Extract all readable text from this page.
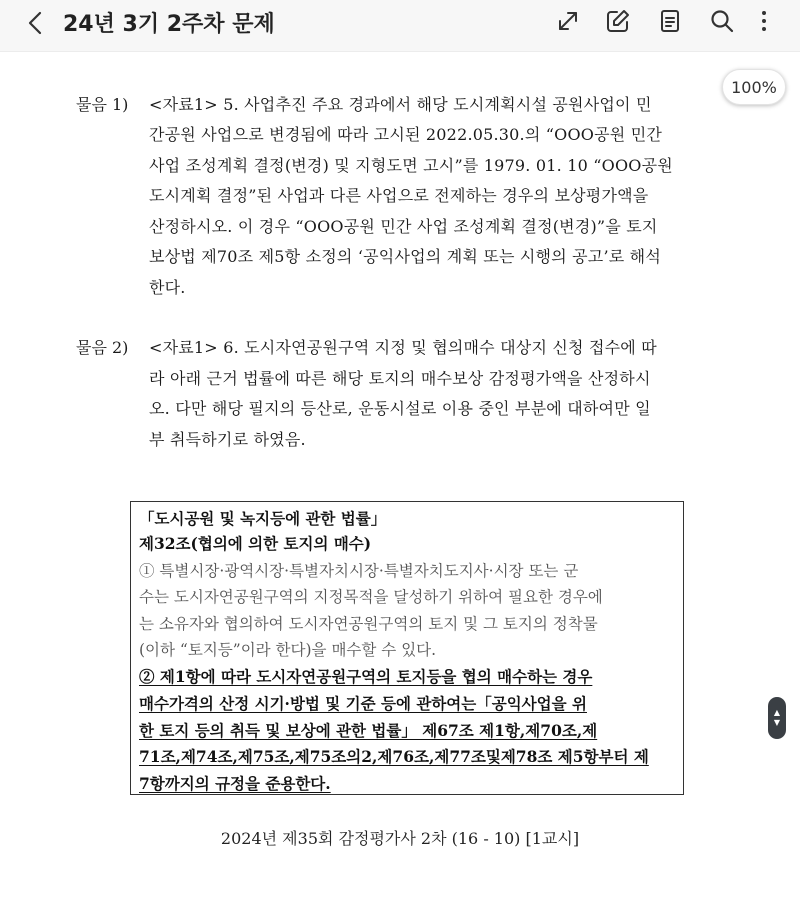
24년 3기 2주차 문제
100%
물음 1) <자료1> 5. 사업추진 주요 경과에서 해당 도시계획시설 공원사업이 민
간공원 사업으로 변경됨에 따라 고시된 2022.05.30.의 “OOO공원 민간
사업 조성계획 결정(변경) 및 지형도면 고시”를 1979. 01. 10 “OOO공원
도시계획 결정”된 사업과 다른 사업으로 전제하는 경우의 보상평가액을
산정하시오. 이 경우 “OOO공원 민간 사업 조성계획 결정(변경)”을 토지
보상법 제70조 제5항 소정의 ‘공익사업의 계획 또는 시행의 공고’로 해석
한다.
물음 2) <자료1> 6. 도시자연공원구역 지정 및 협의매수 대상지 신청 접수에 따
라 아래 근거 법률에 따른 해당 토지의 매수보상 감정평가액을 산정하시
오. 다만 해당 필지의 등산로, 운동시설로 이용 중인 부분에 대하여만 일
부 취득하기로 하였음.
「도시공원 및 녹지등에 관한 법률」
제32조(협의에 의한 토지의 매수)
① 특별시장·광역시장·특별자치시장·특별자치도지사·시장 또는 군
수는 도시자연공원구역의 지정목적을 달성하기 위하여 필요한 경우에
는 소유자와 협의하여 도시자연공원구역의 토지 및 그 토지의 정착물
(이하 “토지등”이라 한다)을 매수할 수 있다.
② 제1항에 따라 도시자연공원구역의 토지등을 협의 매수하는 경우
매수가격의 산정 시기·방법 및 기준 등에 관하여는「공익사업을 위
한 토지 등의 취득 및 보상에 관한 법률」 제67조 제1항,제70조,제
71조,제74조,제75조,제75조의2,제76조,제77조및제78조 제5항부터 제
7항까지의 규정을 준용한다.
2024년 제35회 감정평가사 2차 (16 - 10) [1교시]
▲
▼
